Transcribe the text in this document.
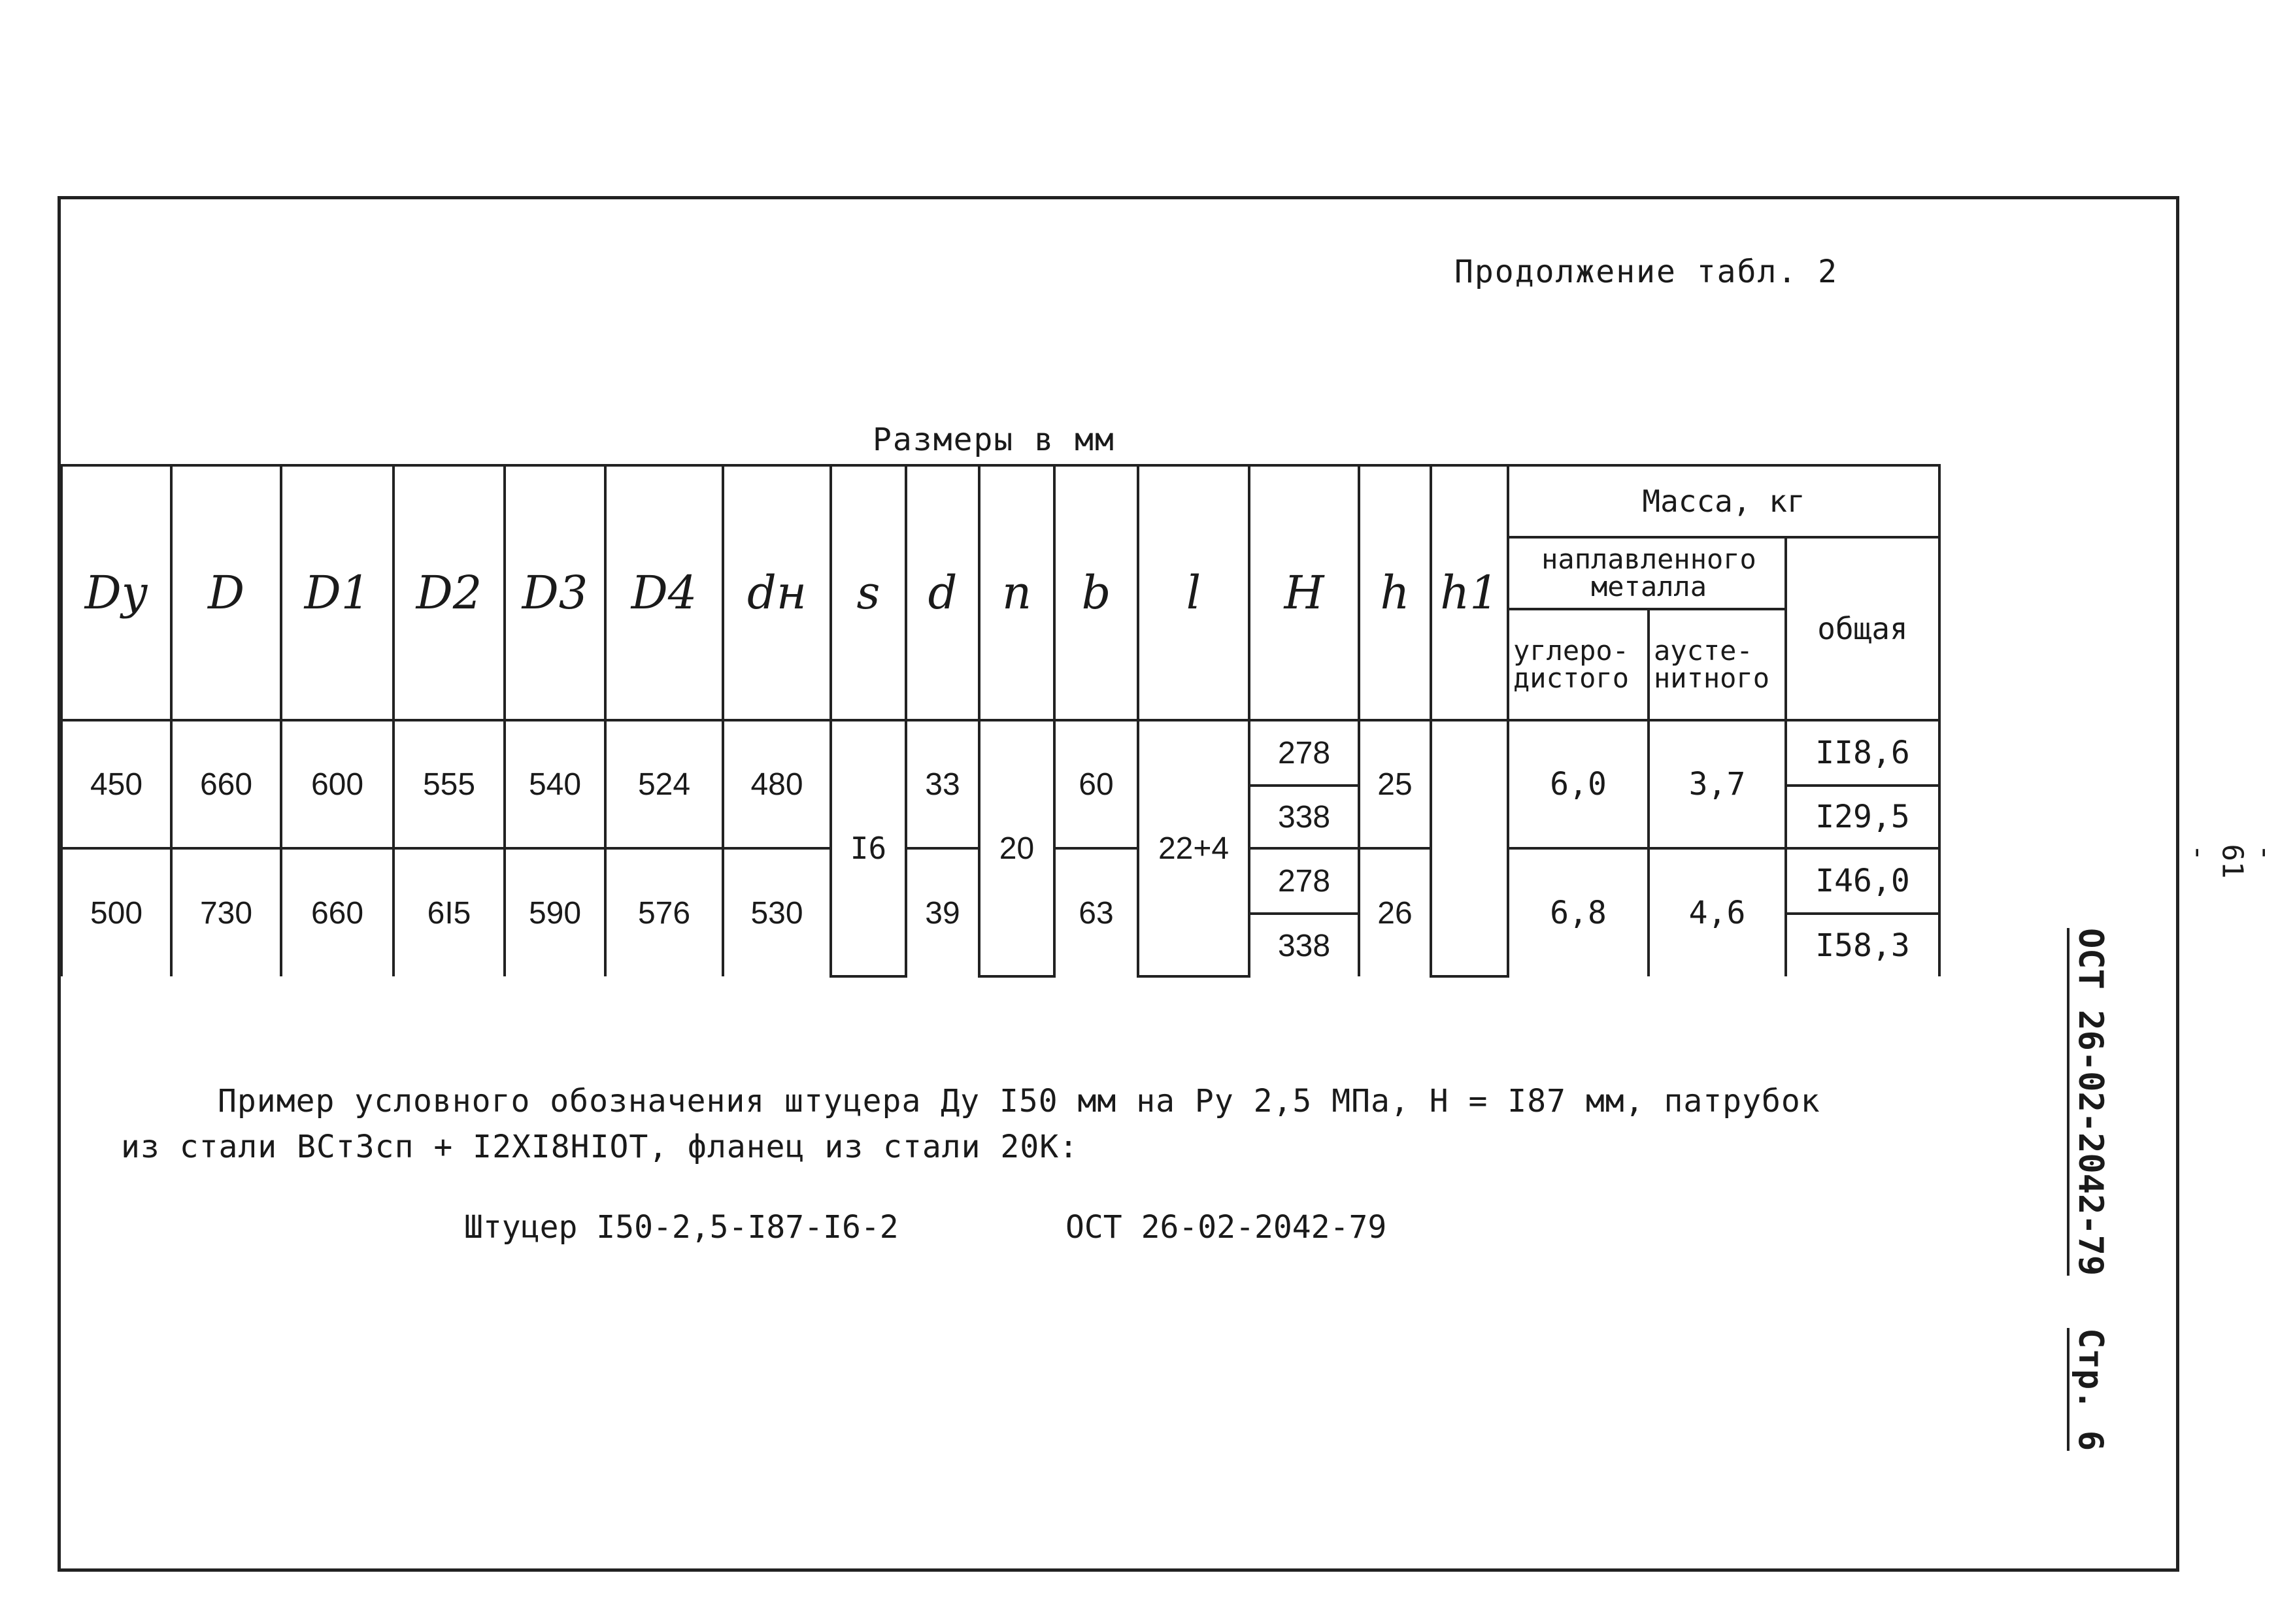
Продолжение табл. 2
Размеры в мм
Dу	D	D1	D2	D3	D4	dн	s	d	n	b	l	H	h	h1	Масса, кг		
															наплавленного металла		общая
															углеро-дистого	аусте-нитного	
450	660	600	555	540	524	480	I6	33	20	60	22+4	278	25		6,0	3,7	II8,6
												338					I29,5
500	730	660	6I5	590	576	530		39		63		278	26		6,8	4,6	I46,0
												338					I58,3
Пример условного обозначения штуцера Ду I50 мм на Ру 2,5 МПа, Н = I87 мм, патрубок
из стали ВСт3сп + I2XI8HIOT, фланец из стали 20К:
Штуцер I50-2,5-I87-I6-2	ОСТ 26-02-2042-79	ОСТ 26-02-2042-79
Стр. 6
- 61 -
